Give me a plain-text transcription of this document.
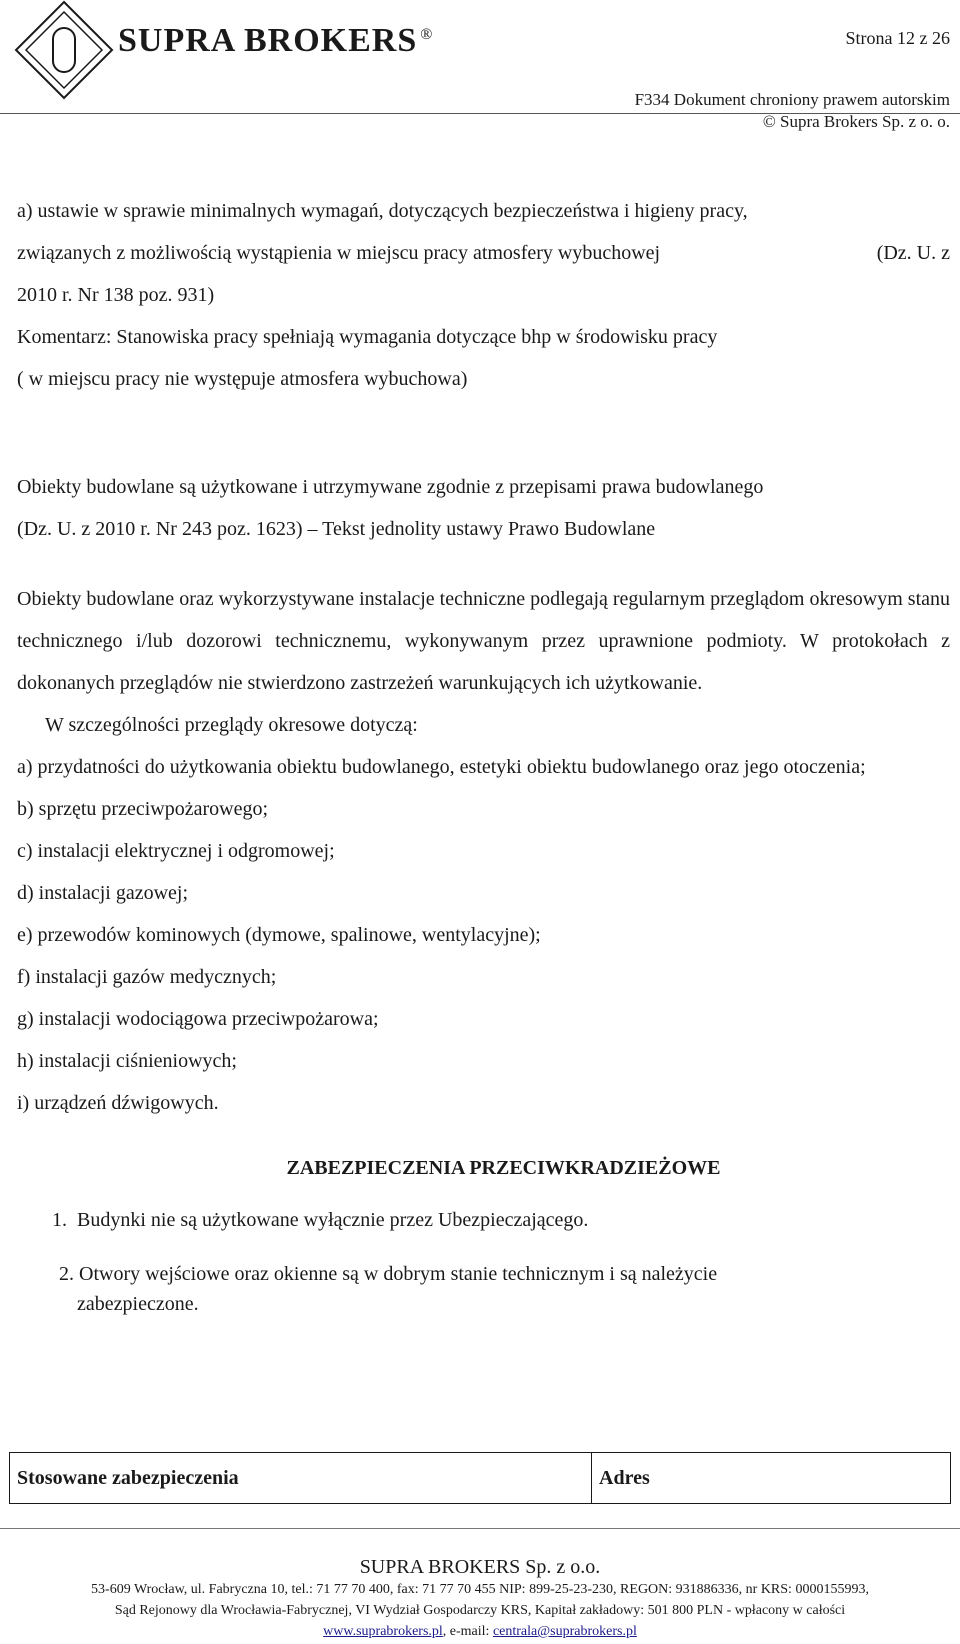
SUPRA BROKERS ®	Strona 12 z 26
F334 Dokument chroniony prawem autorskim
© Supra Brokers Sp. z o. o.

a) ustawie w sprawie minimalnych wymagań, dotyczących bezpieczeństwa i higieny pracy,

związanych z możliwością wystąpienia w miejscu pracy atmosfery wybuchowej	(Dz. U. z

2010 r. Nr 138 poz. 931)

Komentarz: Stanowiska pracy spełniają wymagania dotyczące bhp w środowisku pracy

( w miejscu pracy nie występuje atmosfera wybuchowa)

Obiekty budowlane są użytkowane i utrzymywane zgodnie z przepisami prawa budowlanego

(Dz. U. z 2010 r. Nr 243 poz. 1623) – Tekst jednolity ustawy Prawo Budowlane

Obiekty budowlane oraz wykorzystywane instalacje techniczne podlegają regularnym przeglądom okresowym stanu technicznego i/lub dozorowi technicznemu, wykonywanym przez uprawnione podmioty. W protokołach z dokonanych przeglądów nie stwierdzono zastrzeżeń warunkujących ich użytkowanie.

W szczególności przeglądy okresowe dotyczą:

a) przydatności do użytkowania obiektu budowlanego, estetyki obiektu budowlanego oraz jego otoczenia;

b) sprzętu przeciwpożarowego;

c) instalacji elektrycznej i odgromowej;

d) instalacji gazowej;

e) przewodów kominowych (dymowe, spalinowe, wentylacyjne);

f) instalacji gazów medycznych;

g) instalacji wodociągowa przeciwpożarowa;

h) instalacji ciśnieniowych;

i) urządzeń dźwigowych.

ZABEZPIECZENIA PRZECIWKRADZIEŻOWE
1. Budynki nie są użytkowane wyłącznie przez Ubezpieczającego.
2. Otwory wejściowe oraz okienne są w dobrym stanie technicznym i są należycie
zabezpieczone.
Stosowane zabezpieczenia	Adres
SUPRA BROKERS Sp. z o.o.
53-609 Wrocław, ul. Fabryczna 10, tel.: 71 77 70 400, fax: 71 77 70 455 NIP: 899-25-23-230, REGON: 931886336, nr KRS: 0000155993,
Sąd Rejonowy dla Wrocławia-Fabrycznej, VI Wydział Gospodarczy KRS, Kapitał zakładowy: 501 800 PLN - wpłacony w całości
www.suprabrokers.pl, e-mail: centrala@suprabrokers.pl
